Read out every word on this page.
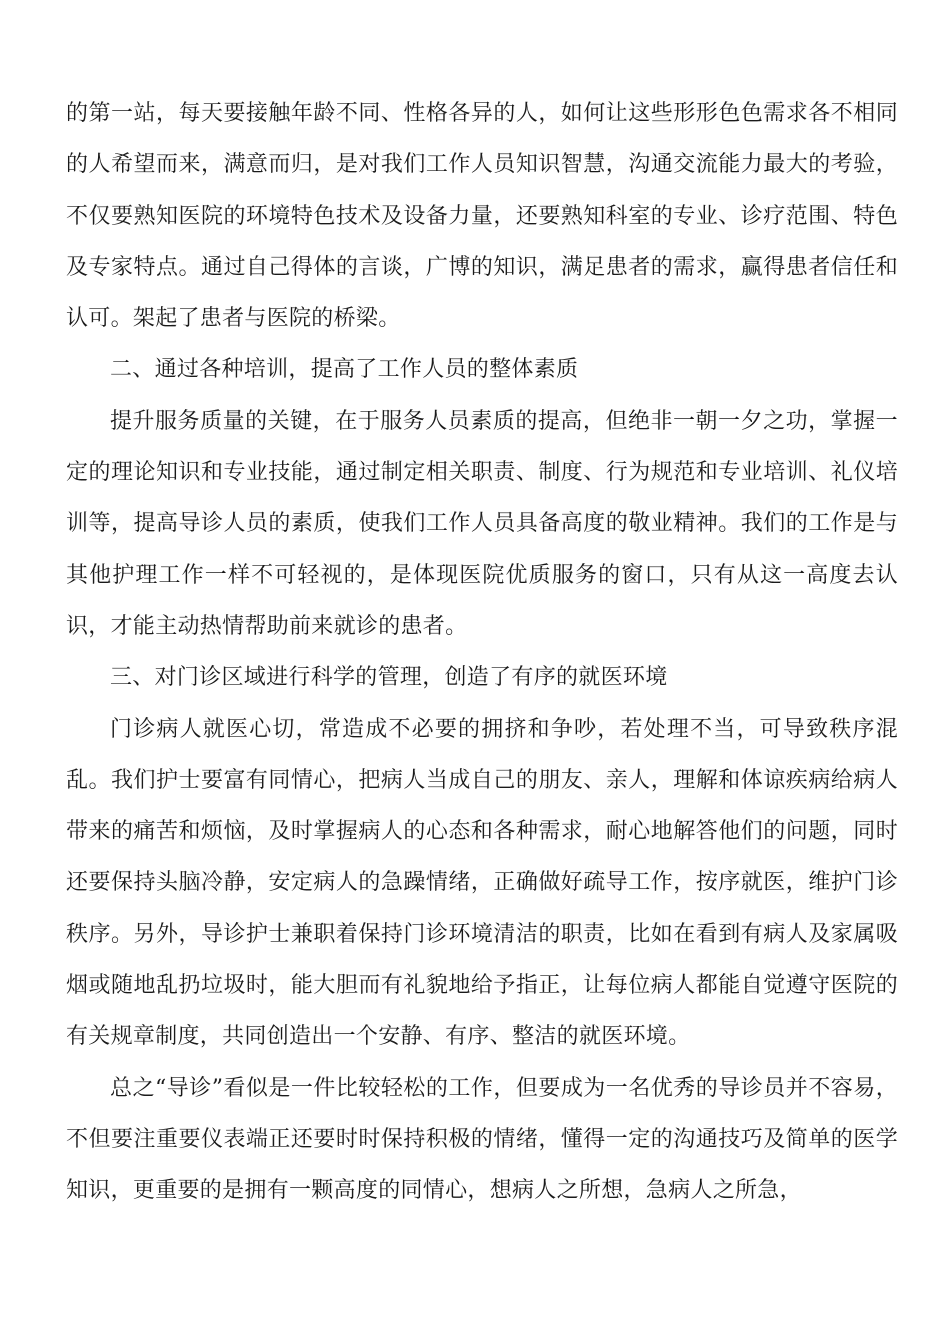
的第一站，每天要接触年龄不同、性格各异的人，如何让这些形形色色需求各不相同的人希望而来，满意而归，是对我们工作人员知识智慧，沟通交流能力最大的考验，不仅要熟知医院的环境特色技术及设备力量，还要熟知科室的专业、诊疗范围、特色及专家特点。通过自己得体的言谈，广博的知识，满足患者的需求，赢得患者信任和认可。架起了患者与医院的桥梁。

二、通过各种培训，提高了工作人员的整体素质

提升服务质量的关键，在于服务人员素质的提高，但绝非一朝一夕之功，掌握一定的理论知识和专业技能，通过制定相关职责、制度、行为规范和专业培训、礼仪培训等，提高导诊人员的素质，使我们工作人员具备高度的敬业精神。我们的工作是与其他护理工作一样不可轻视的，是体现医院优质服务的窗口，只有从这一高度去认识，才能主动热情帮助前来就诊的患者。

三、对门诊区域进行科学的管理，创造了有序的就医环境

门诊病人就医心切，常造成不必要的拥挤和争吵，若处理不当，可导致秩序混乱。我们护士要富有同情心，把病人当成自己的朋友、亲人，理解和体谅疾病给病人带来的痛苦和烦恼，及时掌握病人的心态和各种需求，耐心地解答他们的问题，同时还要保持头脑冷静，安定病人的急躁情绪，正确做好疏导工作，按序就医，维护门诊秩序。另外，导诊护士兼职着保持门诊环境清洁的职责，比如在看到有病人及家属吸烟或随地乱扔垃圾时，能大胆而有礼貌地给予指正，让每位病人都能自觉遵守医院的有关规章制度，共同创造出一个安静、有序、整洁的就医环境。

总之“导诊”看似是一件比较轻松的工作，但要成为一名优秀的导诊员并不容易，不但要注重要仪表端正还要时时保持积极的情绪，懂得一定的沟通技巧及简单的医学知识，更重要的是拥有一颗高度的同情心，想病人之所想，急病人之所急，
